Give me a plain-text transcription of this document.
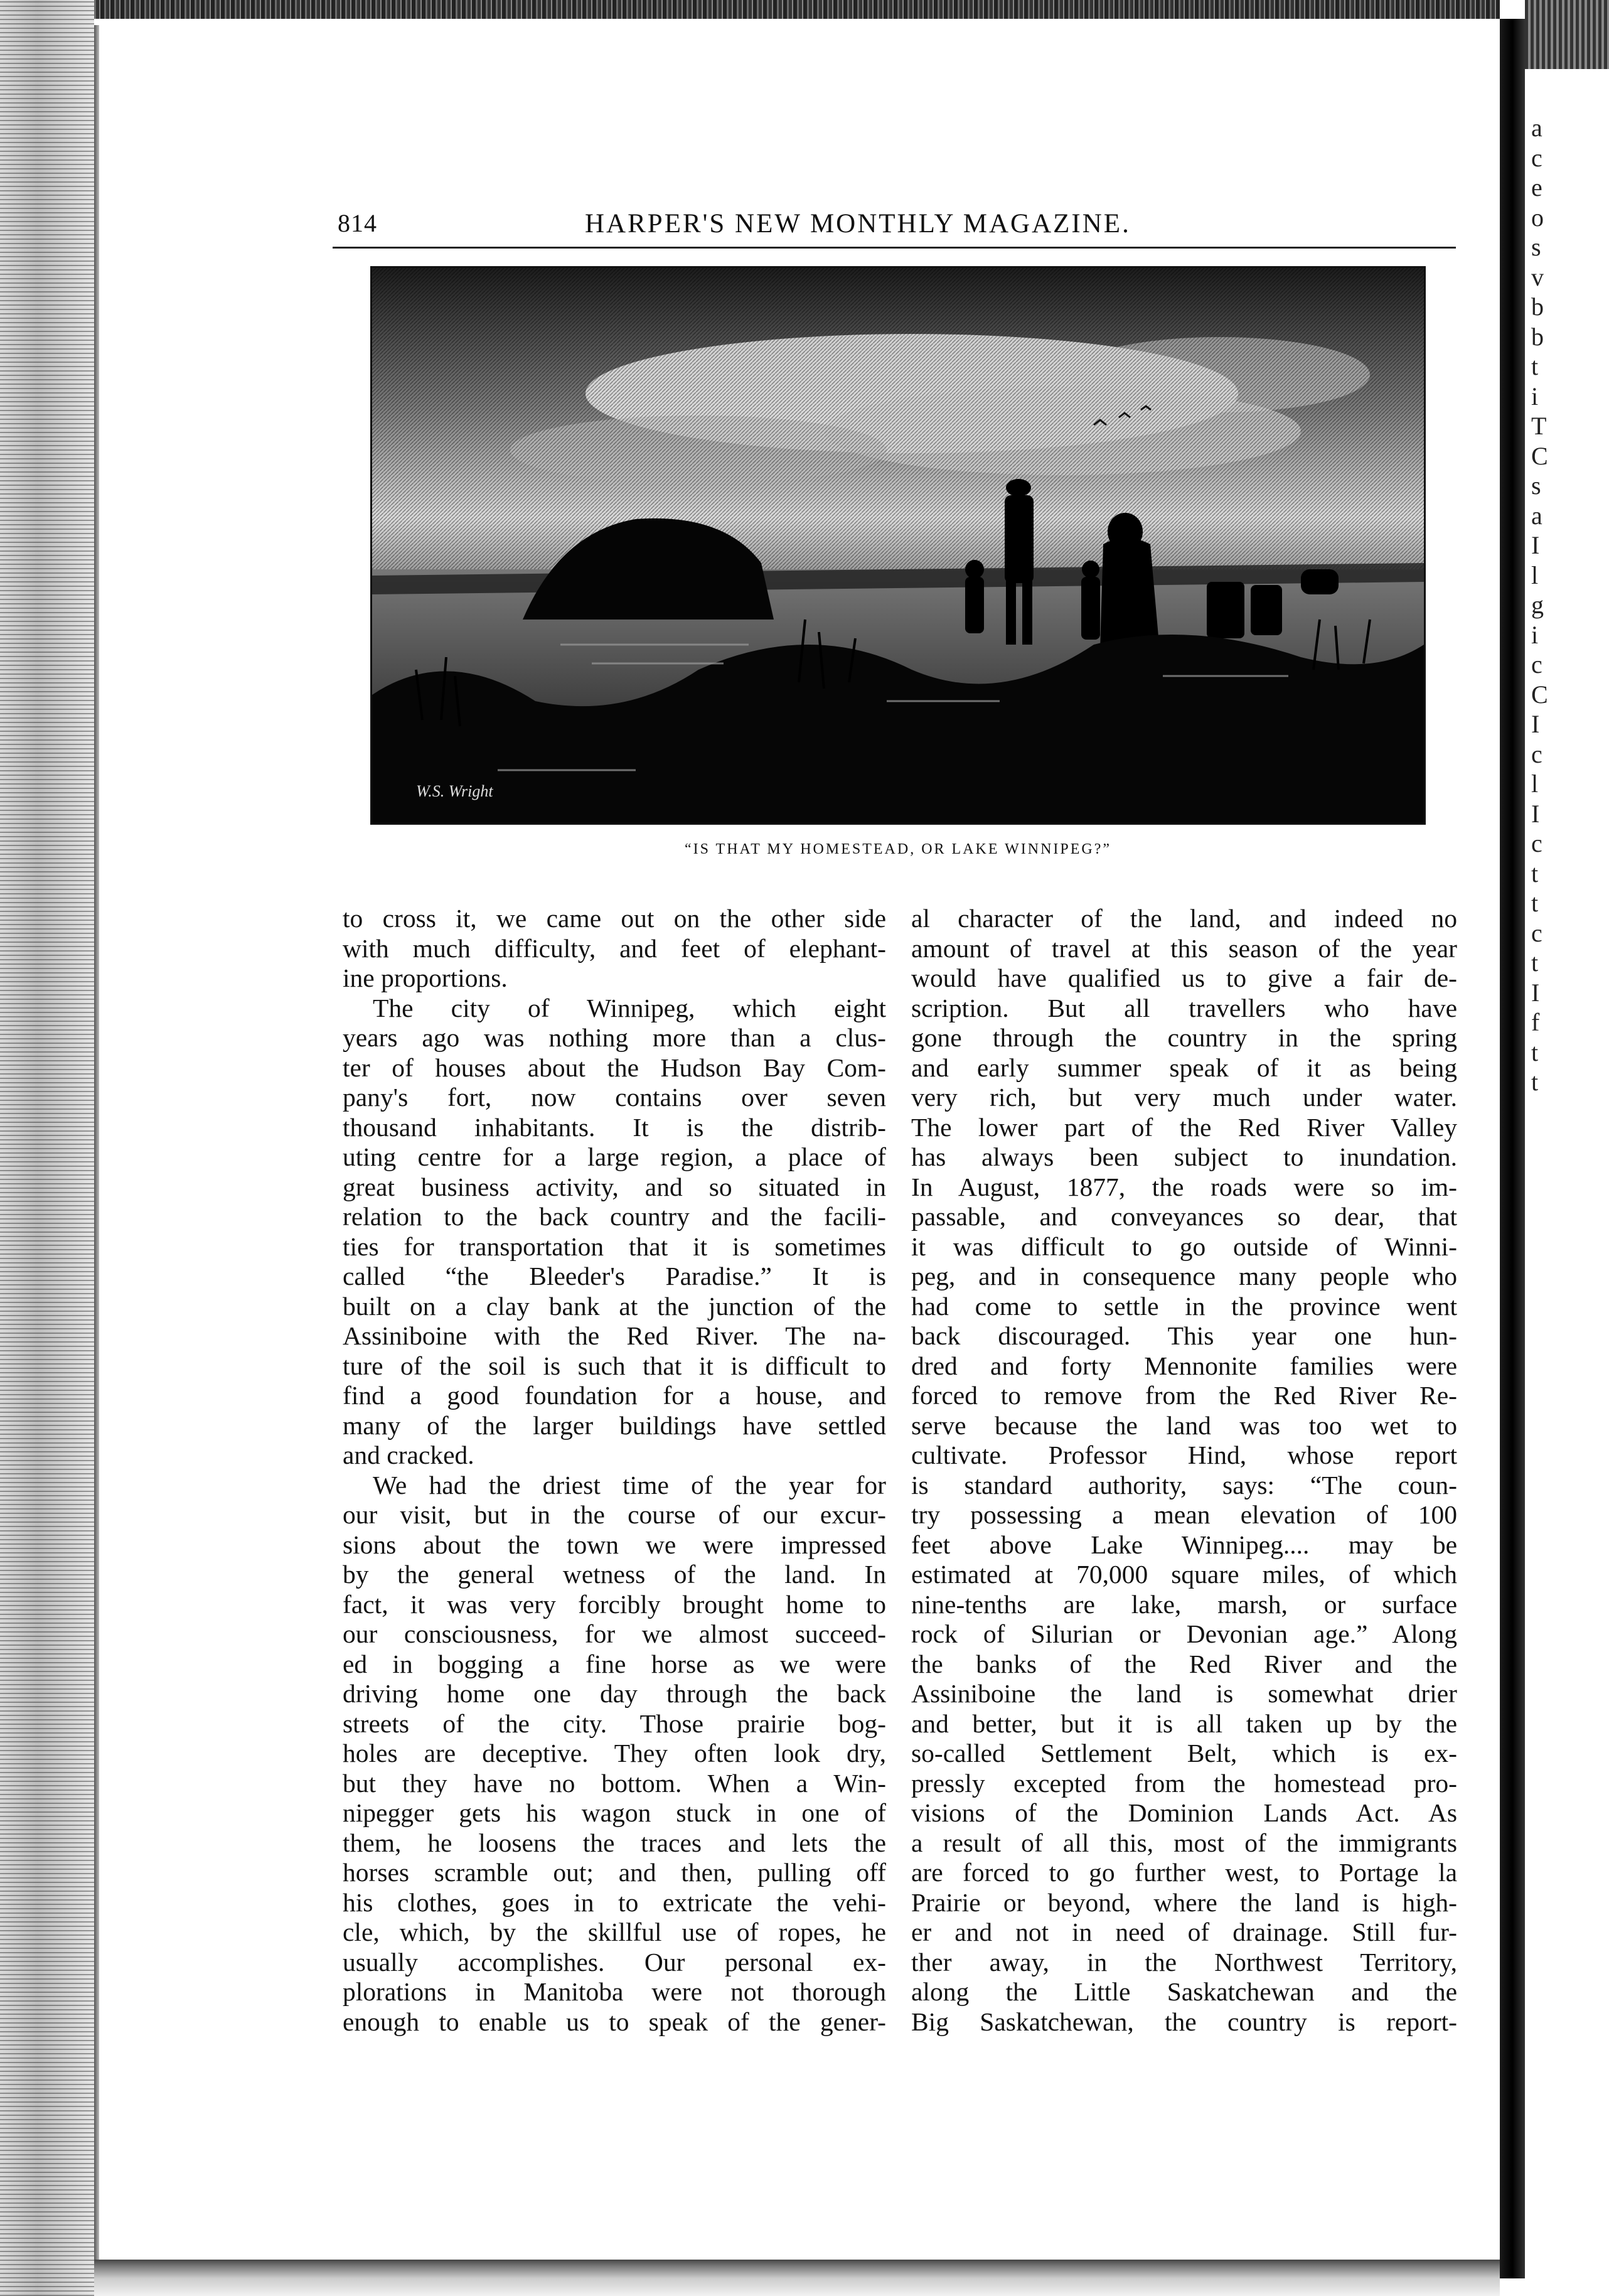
a
c
e
o
s
v
b
b
t
i
T
C
s
a
I
l
g
i
c
C
I
c
l
I
c
t
t
c
t
I
f
t
t
814	HARPER'S NEW MONTHLY MAGAZINE.
W.S. Wright
“IS THAT MY HOMESTEAD, OR LAKE WINNIPEG?”
to cross it, we came out on the other side
with much difficulty, and feet of elephant-
ine proportions.
The city of Winnipeg, which eight
years ago was nothing more than a clus-
ter of houses about the Hudson Bay Com-
pany's fort, now contains over seven
thousand inhabitants. It is the distrib-
uting centre for a large region, a place of
great business activity, and so situated in
relation to the back country and the facili-
ties for transportation that it is sometimes
called “the Bleeder's Paradise.” It is
built on a clay bank at the junction of the
Assiniboine with the Red River. The na-
ture of the soil is such that it is difficult to
find a good foundation for a house, and
many of the larger buildings have settled
and cracked.
We had the driest time of the year for
our visit, but in the course of our excur-
sions about the town we were impressed
by the general wetness of the land. In
fact, it was very forcibly brought home to
our consciousness, for we almost succeed-
ed in bogging a fine horse as we were
driving home one day through the back
streets of the city. Those prairie bog-
holes are deceptive. They often look dry,
but they have no bottom. When a Win-
nipegger gets his wagon stuck in one of
them, he loosens the traces and lets the
horses scramble out; and then, pulling off
his clothes, goes in to extricate the vehi-
cle, which, by the skillful use of ropes, he
usually accomplishes. Our personal ex-
plorations in Manitoba were not thorough
enough to enable us to speak of the gener-
al character of the land, and indeed no
amount of travel at this season of the year
would have qualified us to give a fair de-
scription. But all travellers who have
gone through the country in the spring
and early summer speak of it as being
very rich, but very much under water.
The lower part of the Red River Valley
has always been subject to inundation.
In August, 1877, the roads were so im-
passable, and conveyances so dear, that
it was difficult to go outside of Winni-
peg, and in consequence many people who
had come to settle in the province went
back discouraged. This year one hun-
dred and forty Mennonite families were
forced to remove from the Red River Re-
serve because the land was too wet to
cultivate. Professor Hind, whose report
is standard authority, says: “The coun-
try possessing a mean elevation of 100
feet above Lake Winnipeg.... may be
estimated at 70,000 square miles, of which
nine-tenths are lake, marsh, or surface
rock of Silurian or Devonian age.” Along
the banks of the Red River and the
Assiniboine the land is somewhat drier
and better, but it is all taken up by the
so-called Settlement Belt, which is ex-
pressly excepted from the homestead pro-
visions of the Dominion Lands Act. As
a result of all this, most of the immigrants
are forced to go further west, to Portage la
Prairie or beyond, where the land is high-
er and not in need of drainage. Still fur-
ther away, in the Northwest Territory,
along the Little Saskatchewan and the
Big Saskatchewan, the country is report-
